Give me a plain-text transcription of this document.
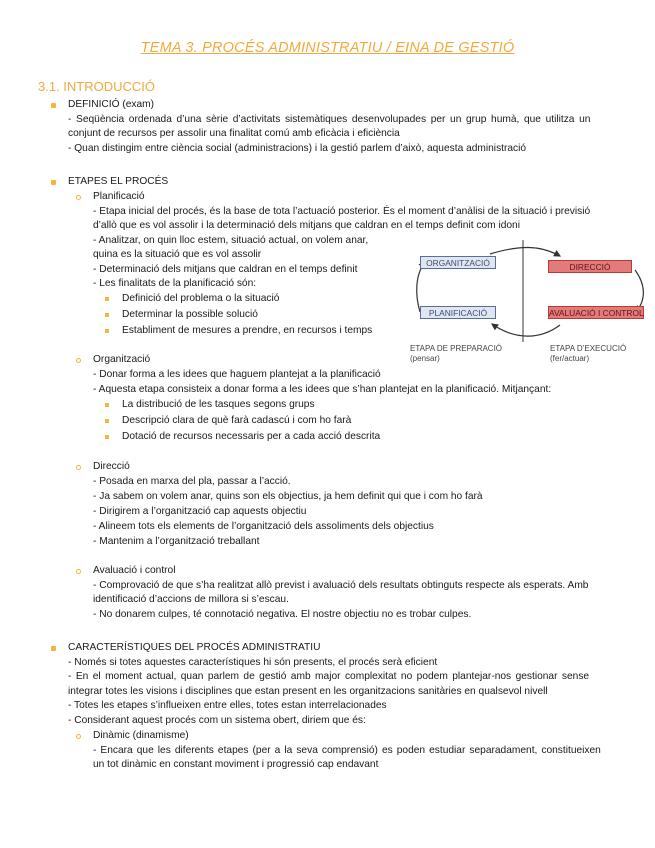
TEMA 3. PROCÉS ADMINISTRATIU / EINA DE GESTIÓ
3.1. INTRODUCCIÓ
DEFINICIÓ (exam)
- Seqüència ordenada d’una sèrie d’activitats sistemàtiques desenvolupades per un grup humà, que utilitza un
conjunt de recursos per assolir una finalitat comú amb eficàcia i eficiència
- Quan distingim entre ciència social (administracions) i la gestió parlem d’això, aquesta administració
ETAPES EL PROCÉS
Planificació
- Etapa inicial del procés, és la base de tota l’actuació posterior. És el moment d’anàlisi de la situació i previsió
d’allò que es vol assolir i la determinació dels mitjans que caldran en el temps definit com idoni
- Analitzar, on quin lloc estem, situació actual, on volem anar,
quina es la situació que es vol assolir
- Determinació dels mitjans que caldran en el temps definit
- Les finalitats de la planificació són:
Definició del problema o la situació
Determinar la possible solució
Establiment de mesures a prendre, en recursos i temps
ORGANITZACIÓ	DIRECCIÓ
PLANIFICACIÓ	AVALUACIÓ I CONTROL
ETAPA DE PREPARACIÓ
(pensar)
ETAPA D’EXECUCIÓ
(fer/actuar)
Organització
- Donar forma a les idees que haguem plantejat a la planificació
- Aquesta etapa consisteix a donar forma a les idees que s’han plantejat en la planificació. Mitjançant:
La distribució de les tasques segons grups
Descripció clara de què farà cadascú i com ho farà
Dotació de recursos necessaris per a cada acció descrita
Direcció
- Posada en marxa del pla, passar a l’acció.
- Ja sabem on volem anar, quins son els objectius, ja hem definit qui que i com ho farà
- Dirigirem a l’organització cap aquests objectiu
- Alineem tots els elements de l’organització dels assoliments dels objectius
- Mantenim a l’organització treballant
Avaluació i control
- Comprovació de que s’ha realitzat allò previst i avaluació dels resultats obtinguts respecte als esperats. Amb
identificació d’accions de millora si s’escau.
- No donarem culpes, té connotació negativa. El nostre objectiu no es trobar culpes.
CARACTERÍSTIQUES DEL PROCÉS ADMINISTRATIU
- Només si totes aquestes característiques hi són presents, el procés serà eficient
- En el moment actual, quan parlem de gestió amb major complexitat no podem plantejar-nos gestionar sense
integrar totes les visions i disciplines que estan present en les organitzacions sanitàries en qualsevol nivell
- Totes les etapes s’influeixen entre elles, totes estan interrelacionades
- Considerant aquest procés com un sistema obert, diriem que és:
Dinàmic (dinamisme)
- Encara que les diferents etapes (per a la seva comprensió) es poden estudiar separadament, constitueixen
un tot dinàmic en constant moviment i progressió cap endavant
